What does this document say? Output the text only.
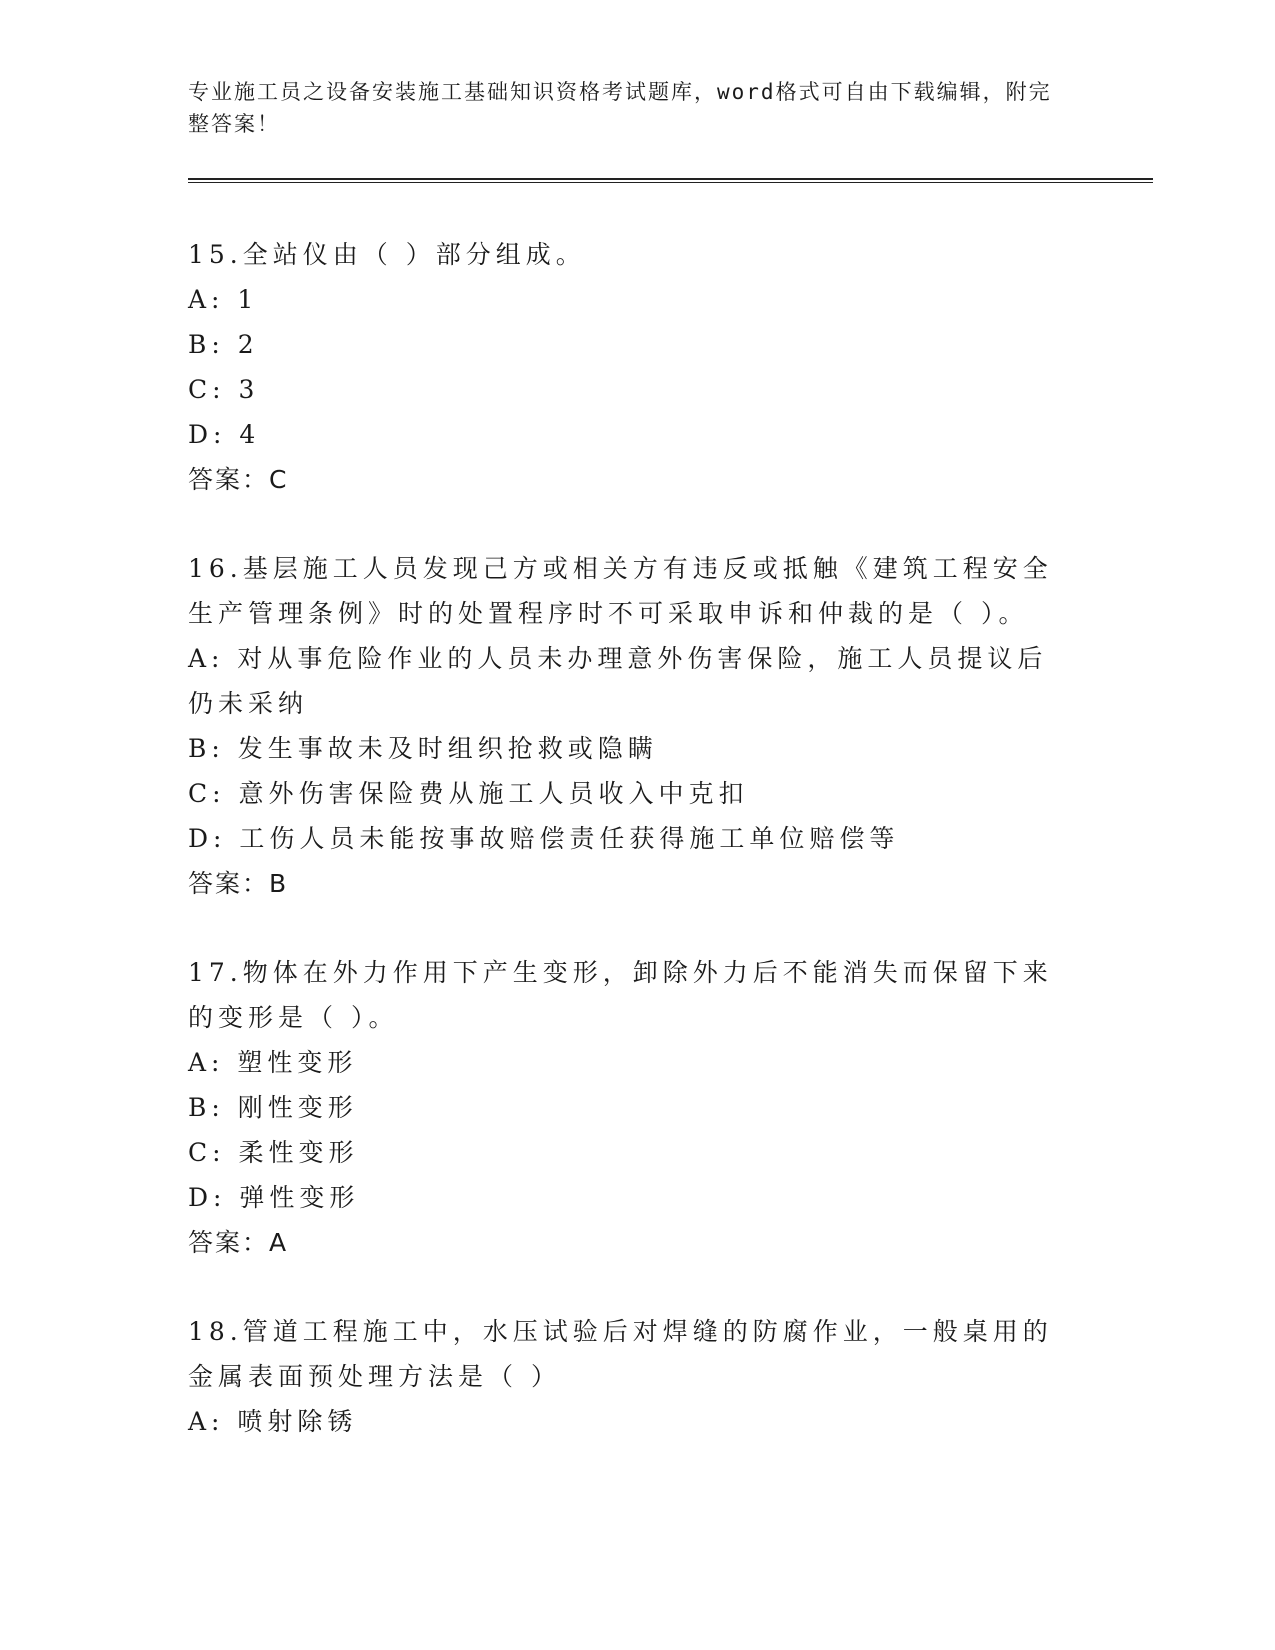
专业施工员之设备安装施工基础知识资格考试题库，word格式可自由下载编辑，附完整答案！

15.全站仪由（ ）部分组成。

A: 1

B: 2

C: 3

D: 4

答案：C

16.基层施工人员发现己方或相关方有违反或抵触《建筑工程安全生产管理条例》时的处置程序时不可采取申诉和仲裁的是（ ）。

A: 对从事危险作业的人员未办理意外伤害保险，施工人员提议后仍未采纳

B: 发生事故未及时组织抢救或隐瞒

C: 意外伤害保险费从施工人员收入中克扣

D: 工伤人员未能按事故赔偿责任获得施工单位赔偿等

答案：B

17.物体在外力作用下产生变形，卸除外力后不能消失而保留下来的变形是（ ）。

A: 塑性变形

B: 刚性变形

C: 柔性变形

D: 弹性变形

答案：A

18.管道工程施工中，水压试验后对焊缝的防腐作业，一般桌用的金属表面预处理方法是（ ）

A: 喷射除锈
